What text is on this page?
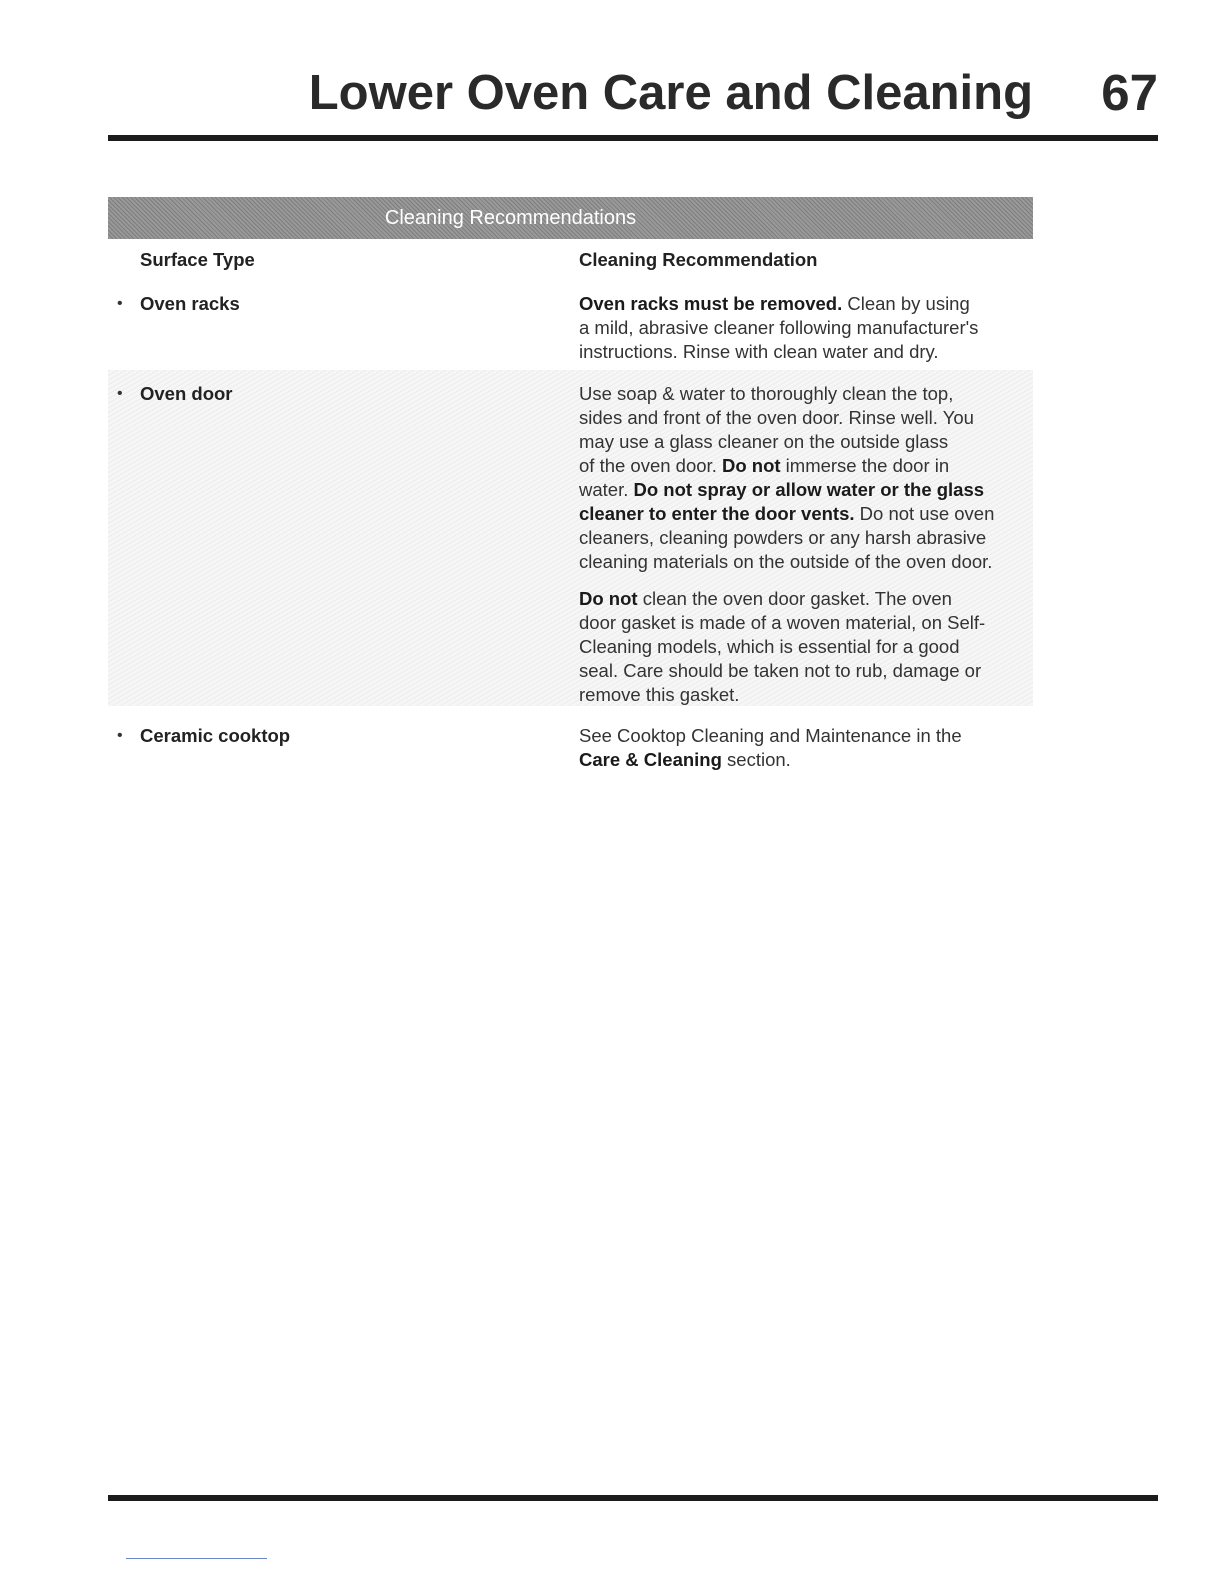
Lower Oven Care and Cleaning 67
Cleaning Recommendations
Surface Type	Cleaning Recommendation
• Oven racks	Oven racks must be removed. Clean by using
a mild, abrasive cleaner following manufacturer's
instructions. Rinse with clean water and dry.

• Oven door	Use soap & water to thoroughly clean the top,
sides and front of the oven door. Rinse well. You
may use a glass cleaner on the outside glass
of the oven door. Do not immerse the door in
water. Do not spray or allow water or the glass
cleaner to enter the door vents. Do not use oven
cleaners, cleaning powders or any harsh abrasive
cleaning materials on the outside of the oven door.

Do not clean the oven door gasket. The oven
door gasket is made of a woven material, on Self-
Cleaning models, which is essential for a good
seal. Care should be taken not to rub, damage or
remove this gasket.

• Ceramic cooktop	See Cooktop Cleaning and Maintenance in the
Care & Cleaning section.
